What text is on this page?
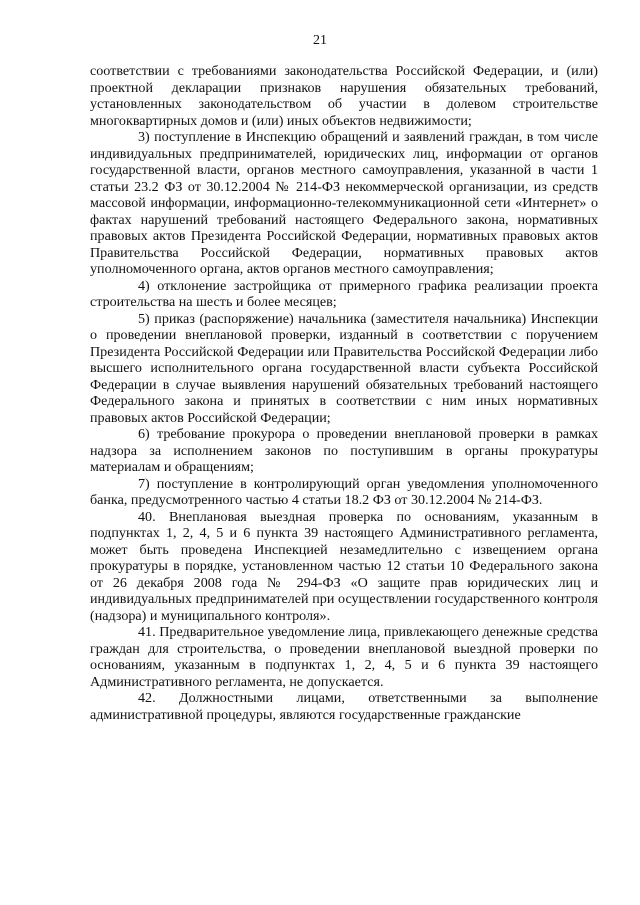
21

соответствии с требованиями законодательства Российской Федерации, и (или) проектной декларации признаков нарушения обязательных требований, установленных законодательством об участии в долевом строительстве многоквартирных домов и (или) иных объектов недвижимости;

3) поступление в Инспекцию обращений и заявлений граждан, в том числе индивидуальных предпринимателей, юридических лиц, информации от органов государственной власти, органов местного самоуправления, указанной в части 1 статьи 23.2 ФЗ от 30.12.2004 № 214-ФЗ некоммерческой организации, из средств массовой информации, информационно-телекоммуникационной сети «Интернет» о фактах нарушений требований настоящего Федерального закона, нормативных правовых актов Президента Российской Федерации, нормативных правовых актов Правительства Российской Федерации, нормативных правовых актов уполномоченного органа, актов органов местного самоуправления;

4) отклонение застройщика от примерного графика реализации проекта строительства на шесть и более месяцев;

5) приказ (распоряжение) начальника (заместителя начальника) Инспекции о проведении внеплановой проверки, изданный в соответствии с поручением Президента Российской Федерации или Правительства Российской Федерации либо высшего исполнительного органа государственной власти субъекта Российской Федерации в случае выявления нарушений обязательных требований настоящего Федерального закона и принятых в соответствии с ним иных нормативных правовых актов Российской Федерации;

6) требование прокурора о проведении внеплановой проверки в рамках надзора за исполнением законов по поступившим в органы прокуратуры материалам и обращениям;

7) поступление в контролирующий орган уведомления уполномоченного банка, предусмотренного частью 4 статьи 18.2 ФЗ от 30.12.2004 № 214-ФЗ.

40. Внеплановая выездная проверка по основаниям, указанным в подпунктах 1, 2, 4, 5 и 6 пункта 39 настоящего Административного регламента, может быть проведена Инспекцией незамедлительно с извещением органа прокуратуры в порядке, установленном частью 12 статьи 10 Федерального закона от 26 декабря 2008 года № 294-ФЗ «О защите прав юридических лиц и индивидуальных предпринимателей при осуществлении государственного контроля (надзора) и муниципального контроля».

41. Предварительное уведомление лица, привлекающего денежные средства граждан для строительства, о проведении внеплановой выездной проверки по основаниям, указанным в подпунктах 1, 2, 4, 5 и 6 пункта 39 настоящего Административного регламента, не допускается.

42. Должностными лицами, ответственными за выполнение административной процедуры, являются государственные гражданские
